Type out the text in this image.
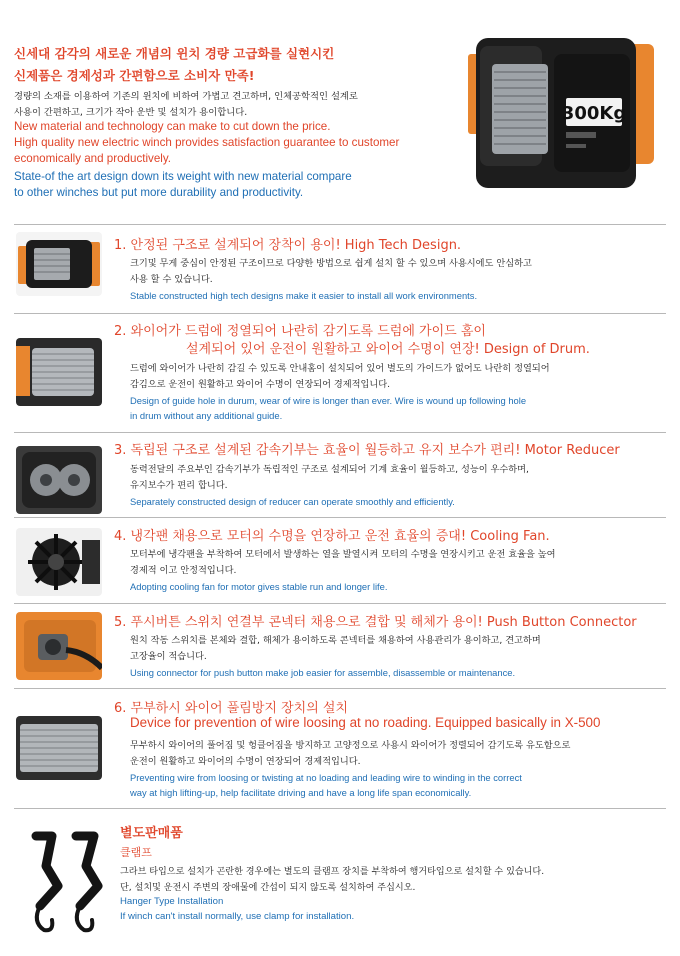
신세대 감각의 새로운 개념의 윈치 경량 고급화를 실현시킨
신제품은 경제성과 간편함으로 소비자 만족!
경량의 소재를 이용하여 기존의 윈치에 비하여 가볍고 견고하며, 인체공학적인 설계로
사용이 간편하고, 크기가 작아 운반 및 설치가 용이합니다.
New material and technology can make to cut down the price.
High quality new electric winch provides satisfaction guarantee to customer
economically and productively.
State-of the art design down its weight with new material compare
to other winches but put more durability and productivity.
300Kg
1. 안정된 구조로 설계되어 장착이 용이! High Tech Design.
크기및 무게 중심이 안정된 구조이므로 다양한 방법으로 쉽게 설치 할 수 있으며 사용시에도 안심하고
사용 할 수 있습니다.
Stable constructed high tech designs make it easier to install all work environments.
2. 와이어가 드럼에 정열되어 나란히 감기도록 드럼에 가이드 홈이
설계되어 있어 운전이 원활하고 와이어 수명이 연장! Design of Drum.
드럼에 와이어가 나란히 감길 수 있도록 안내홈이 설치되어 있어 별도의 가이드가 없어도 나란히 정열되어
감김으로 운전이 원활하고 와이어 수명이 연장되어 경제적입니다.
Design of guide hole in durum, wear of wire is longer than ever. Wire is wound up following hole
in drum without any additional guide.
3. 독립된 구조로 설계된 감속기부는 효율이 월등하고 유지 보수가 편리! Motor Reducer
동력전달의 주요부인 감속기부가 독립적인 구조로 설계되어 기계 효율이 월등하고, 성능이 우수하며,
유지보수가 편리 합니다.
Separately constructed design of reducer can operate smoothly and efficiently.
4. 냉각팬 채용으로 모터의 수명을 연장하고 운전 효율의 증대! Cooling Fan.
모터부에 냉각팬을 부착하여 모터에서 발생하는 열을 발열시켜 모터의 수명을 연장시키고 운전 효율을 높여
경제적 이고 안정적입니다.
Adopting cooling fan for motor gives stable run and longer life.
5. 푸시버튼 스위치 연결부 콘넥터 채용으로 결합 및 해체가 용이! Push Button Connector
원치 작동 스위치를 본체와 결합, 해체가 용이하도록 콘넥터를 채용하여 사용관리가 용이하고, 견고하며
고장율이 적습니다.
Using connector for push button make job easier for assemble, disassemble or maintenance.
6. 무부하시 와이어 풀림방지 장치의 설치
Device for prevention of wire loosing at no roading. Equipped basically in X-500
무부하시 와이어의 풀어짐 및 헝클어짐을 방지하고 고양정으로 사용시 와이어가 정렬되어 감기도록 유도함으로
운전이 원활하고 와이어의 수명이 연장되어 경제적입니다.
Preventing wire from loosing or twisting at no loading and leading wire to winding in the correct
way at high lifting-up, help facilitate driving and have a long life span economically.
별도판매품
클램프
그라브 타입으로 설치가 곤란한 경우에는 별도의 클램프 장치를 부착하여 행거타입으로 설치할 수 있습니다.
단, 설치및 운전시 주변의 장애물에 간섭이 되지 않도록 설치하여 주십시오.
Hanger Type Installation
If winch can't install normally, use clamp for installation.
